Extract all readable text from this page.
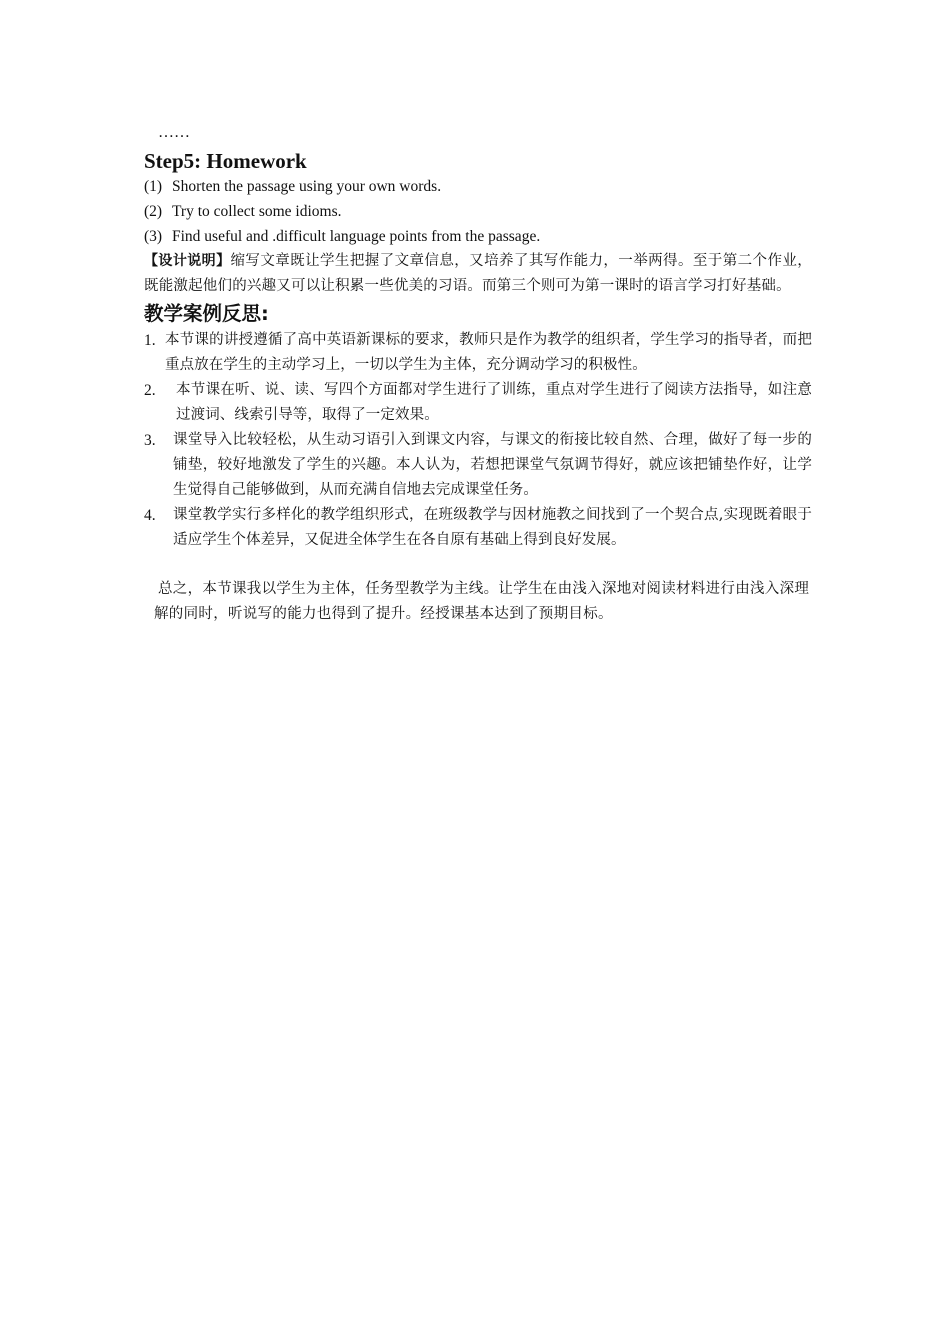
……
Step5: Homework
(1) Shorten the passage using your own words.
(2) Try to collect some idioms.
(3) Find useful and .difficult language points from the passage.
【设计说明】缩写文章既让学生把握了文章信息，又培养了其写作能力，一举两得。至于第二个作业，既能激起他们的兴趣又可以让积累一些优美的习语。而第三个则可为第一课时的语言学习打好基础。
教学案例反思:
1. 本节课的讲授遵循了高中英语新课标的要求，教师只是作为教学的组织者，学生学习的指导者，而把重点放在学生的主动学习上，一切以学生为主体，充分调动学习的积极性。
2.	本节课在听、说、读、写四个方面都对学生进行了训练，重点对学生进行了阅读方法指导，如注意过渡词、线索引导等，取得了一定效果。
3.	课堂导入比较轻松，从生动习语引入到课文内容，与课文的衔接比较自然、合理，做好了每一步的铺垫，较好地激发了学生的兴趣。本人认为，若想把课堂气氛调节得好，就应该把铺垫作好，让学生觉得自己能够做到，从而充满自信地去完成课堂任务。
4.	课堂教学实行多样化的教学组织形式，在班级教学与因材施教之间找到了一个契合点,实现既着眼于适应学生个体差异，又促进全体学生在各自原有基础上得到良好发展。
总之，本节课我以学生为主体，任务型教学为主线。让学生在由浅入深地对阅读材料进行由浅入深理解的同时，听说写的能力也得到了提升。经授课基本达到了预期目标。
